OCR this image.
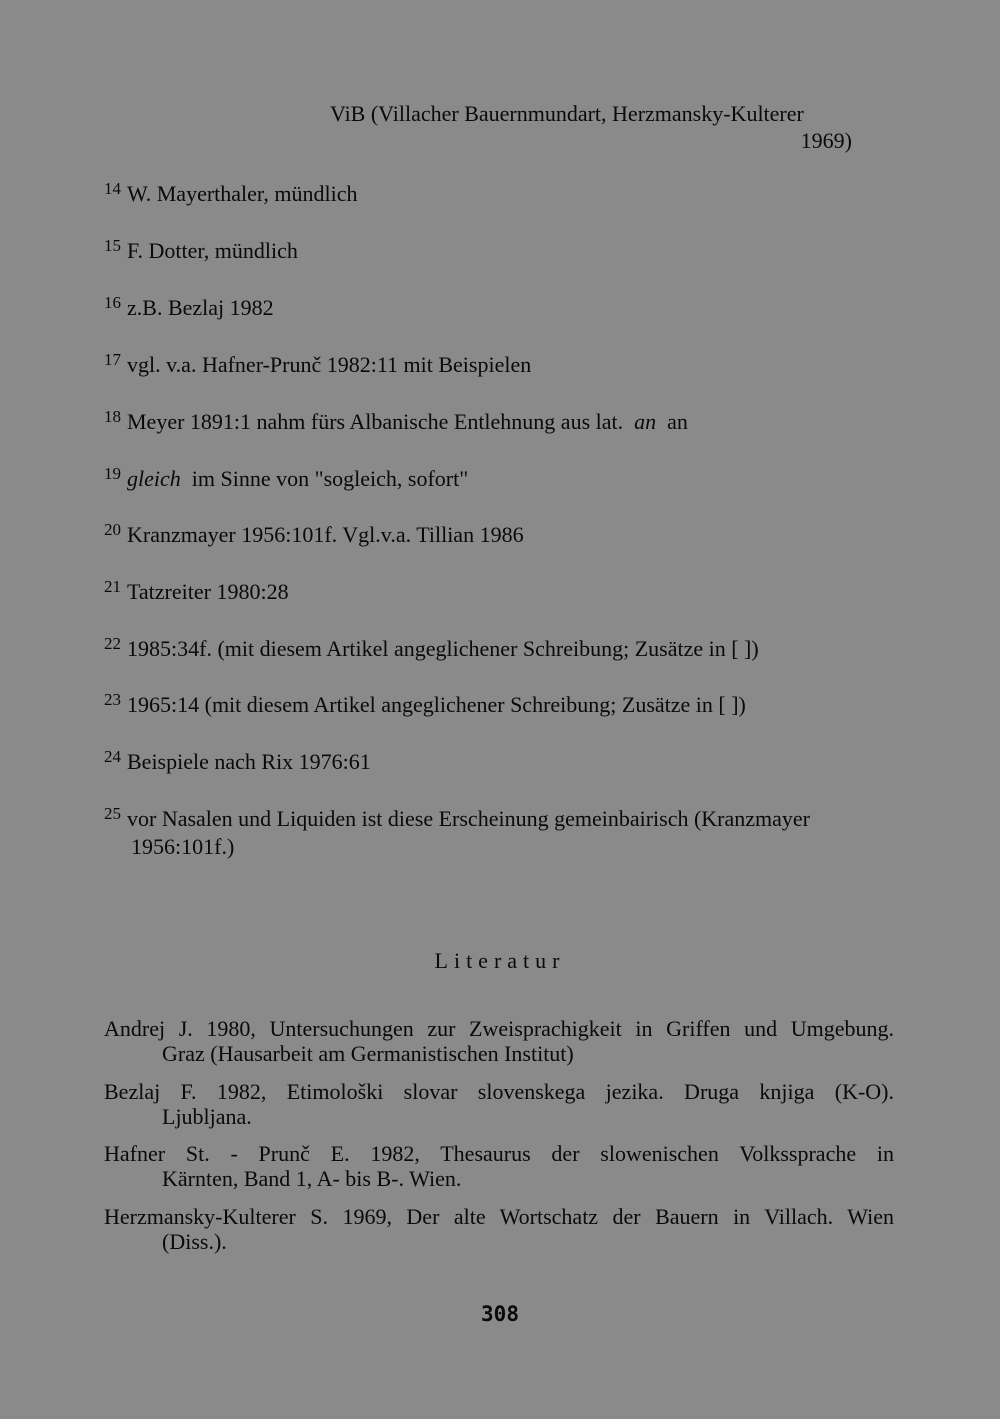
ViB (Villacher Bauernmundart, Herzmansky-Kulterer
1969)
$^{14}$ W. Mayerthaler, mündlich
$^{15}$ F. Dotter, mündlich
$^{16}$ z.B. Bezlaj 1982
$^{17}$ vgl. v.a. Hafner-Prunč 1982:11 mit Beispielen
$^{18}$ Meyer 1891:1 nahm fürs Albanische Entlehnung aus lat. an an
$^{19}$ gleich im Sinne von "sogleich, sofort"
$^{20}$ Kranzmayer 1956:101f. Vgl.v.a. Tillian 1986
$^{21}$ Tatzreiter 1980:28
$^{22}$ 1985:34f. (mit diesem Artikel angeglichener Schreibung; Zusätze in [ ])
$^{23}$ 1965:14 (mit diesem Artikel angeglichener Schreibung; Zusätze in [ ])
$^{24}$ Beispiele nach Rix 1976:61
$^{25}$ vor Nasalen und Liquiden ist diese Erscheinung gemeinbairisch (Kranzmayer
1956:101f.)
Literatur
Andrej J. 1980, Untersuchungen zur Zweisprachigkeit in Griffen und Umgebung.
Graz (Hausarbeit am Germanistischen Institut)
Bezlaj F. 1982, Etimološki slovar slovenskega jezika. Druga knjiga (K-O).
Ljubljana.
Hafner St. - Prunč E. 1982, Thesaurus der slowenischen Volkssprache in
Kärnten, Band 1, A- bis B-. Wien.
Herzmansky-Kulterer S. 1969, Der alte Wortschatz der Bauern in Villach. Wien
(Diss.).
308
